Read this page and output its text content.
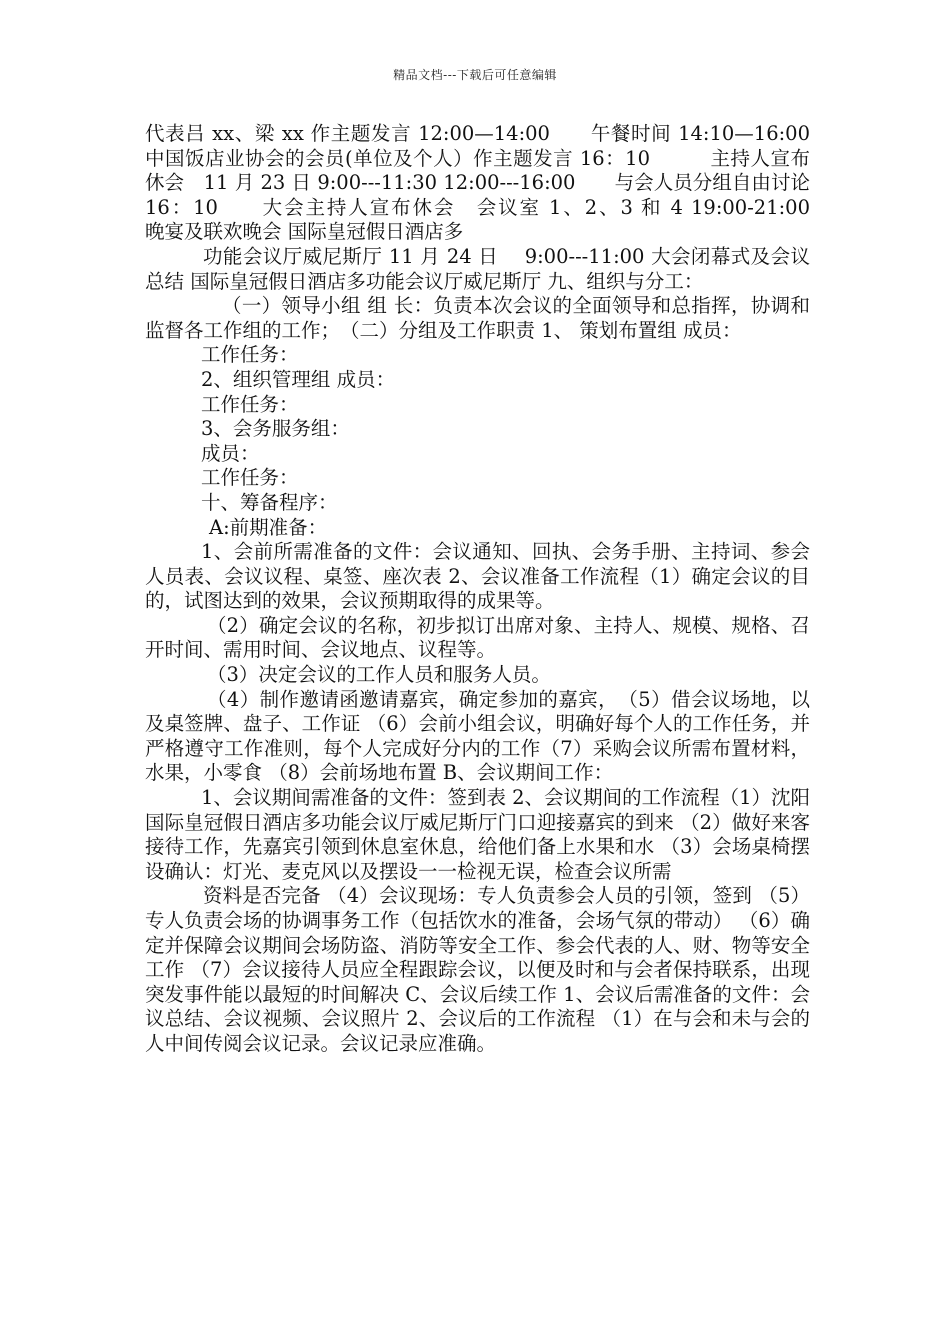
精品文档---下载后可任意编辑

代表吕 xx、梁 xx 作主题发言 12:00—14:00　　午餐时间 14:10—16:00　　中国饭店业协会的会员(单位及个人）作主题发言 16：10　　　主持人宣布休会　11 月 23 日 9:00---11:30 12:00---16:00　　与会人员分组自由讨论 16：10　　大会主持人宣布休会　会议室 1、2、3 和 4 19:00-21:00　　　晚宴及联欢晚会 国际皇冠假日酒店多

功能会议厅威尼斯厅 11 月 24 日　 9:00---11:00 大会闭幕式及会议总结 国际皇冠假日酒店多功能会议厅威尼斯厅 九、组织与分工：

（一）领导小组 组 长：负责本次会议的全面领导和总指挥，协调和监督各工作组的工作；　（二）分组及工作职责 1、 策划布置组 成员：

工作任务：

2、组织管理组 成员：

工作任务：

3、会务服务组：

成员：

工作任务：

十、筹备程序：

A:前期准备：

1、会前所需准备的文件：会议通知、回执、会务手册、主持词、参会人员表、会议议程、桌签、座次表 2、会议准备工作流程（1）确定会议的目的，试图达到的效果，会议预期取得的成果等。

（2）确定会议的名称，初步拟订出席对象、主持人、规模、规格、召开时间、需用时间、会议地点、议程等。

（3）决定会议的工作人员和服务人员。

（4）制作邀请函邀请嘉宾，确定参加的嘉宾，　（5）借会议场地，以及桌签牌、盘子、工作证 （6）会前小组会议，明确好每个人的工作任务，并严格遵守工作准则，每个人完成好分内的工作（7）采购会议所需布置材料，水果，小零食 （8）会前场地布置 B、会议期间工作：

1、会议期间需准备的文件：签到表 2、会议期间的工作流程（1）沈阳国际皇冠假日酒店多功能会议厅威尼斯厅门口迎接嘉宾的到来 （2）做好来客接待工作，先嘉宾引领到休息室休息，给他们备上水果和水 （3）会场桌椅摆设确认：灯光、麦克风以及摆设一一检视无误，检查会议所需

资料是否完备 （4）会议现场：专人负责参会人员的引领，签到 （5）专人负责会场的协调事务工作（包括饮水的准备，会场气氛的带动） （6）确定并保障会议期间会场防盗、消防等安全工作、参会代表的人、财、物等安全工作 （7）会议接待人员应全程跟踪会议，以便及时和与会者保持联系，出现突发事件能以最短的时间解决 C、会议后续工作 1、会议后需准备的文件：会议总结、会议视频、会议照片 2、会议后的工作流程 （1）在与会和未与会的人中间传阅会议记录。会议记录应准确。
